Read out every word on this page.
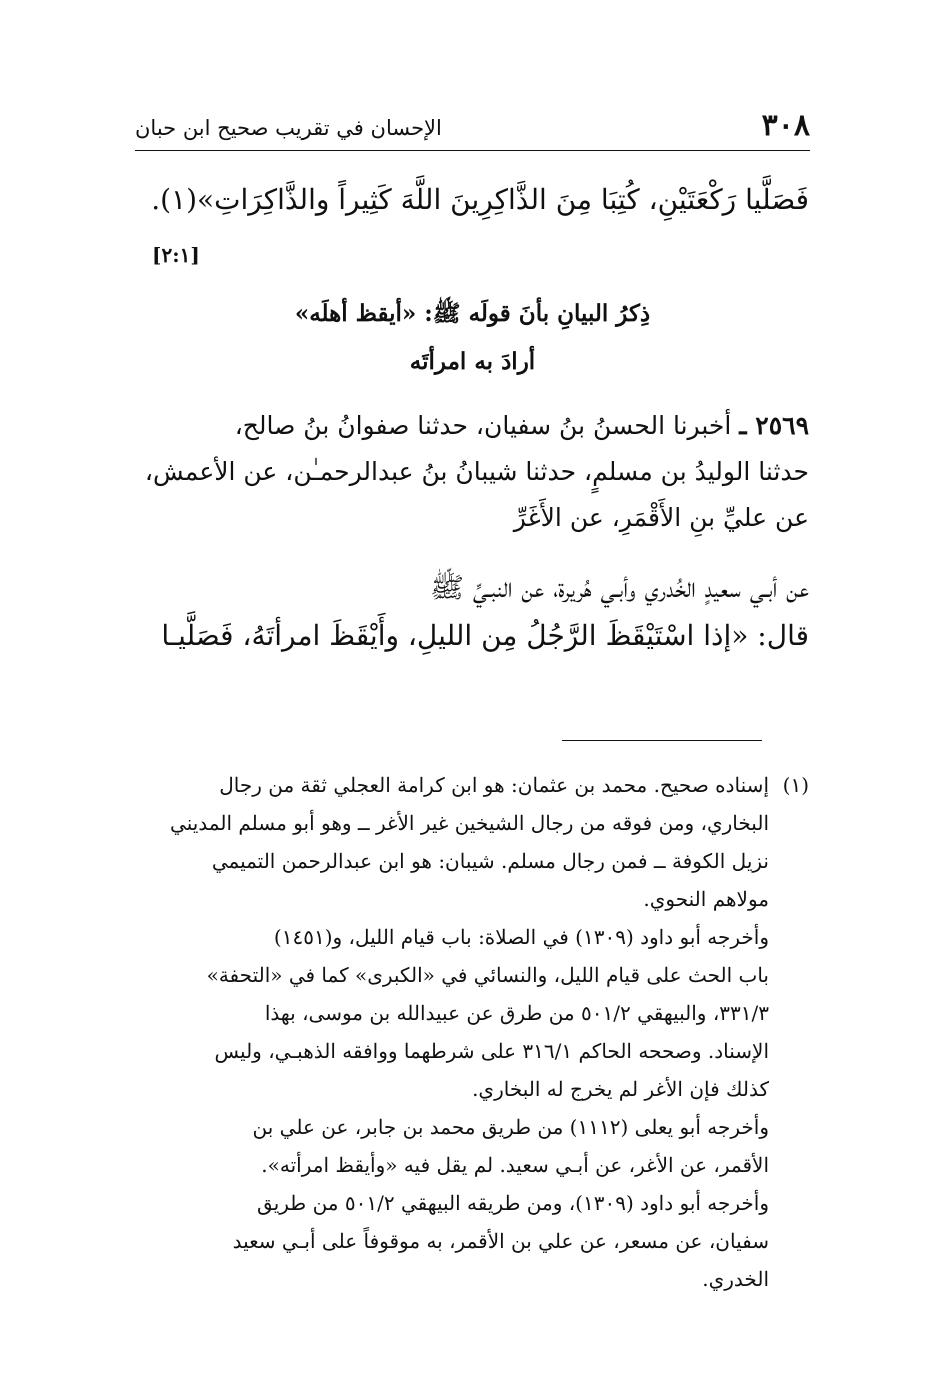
٣٠٨
الإحسان في تقريب صحيح ابن حبان
فَصَلَّيا رَكْعَتَيْنِ، كُتِبَا مِنَ الذَّاكِرِينَ اللَّهَ كَثِيراً والذَّاكِرَاتِ»(١).
[٢:١]
ذِكرُ البيانِ بأنَ قولَه ﷺ: «أيقظ أهلَه»
أرادَ به امرأتَه
٢٥٦٩ ـ أخبرنا الحسنُ بنُ سفيان، حدثنا صفوانُ بنُ صالح،
حدثنا الوليدُ بن مسلمٍ، حدثنا شيبانُ بنُ عبدالرحمـٰن، عن الأعمش،
عن عليِّ بنِ الأَقْمَرِ، عن الأَغَرِّ
عن أبـي سعيدٍ الخُدري وأبـي هُريرة، عن النبـيِّ ﷺ
قال: «إذا اسْتَيْقَظَ الرَّجُلُ مِن الليلِ، وأَيْقَظَ امرأتَهُ، فَصَلَّيـا
(١)
إسناده صحيح. محمد بن عثمان: هو ابن كرامة العجلي ثقة من رجال
البخاري، ومن فوقه من رجال الشيخين غير الأغر ــ وهو أبو مسلم المديني
نزيل الكوفة ــ فمن رجال مسلم. شيبان: هو ابن عبدالرحمن التميمي
مولاهم النحوي.
وأخرجه أبو داود (١٣٠٩) في الصلاة: باب قيام الليل، و(١٤٥١)
باب الحث على قيام الليل، والنسائي في «الكبرى» كما في «التحفة»
٣٣١/٣، والبيهقي ٥٠١/٢ من طرق عن عبيدالله بن موسى، بهذا
الإسناد. وصححه الحاكم ٣١٦/١ على شرطهما ووافقه الذهبـي، وليس
كذلك فإن الأغر لم يخرج له البخاري.
وأخرجه أبو يعلى (١١١٢) من طريق محمد بن جابر، عن علي بن
الأقمر، عن الأغر، عن أبـي سعيد. لم يقل فيه «وأيقظ امرأته».
وأخرجه أبو داود (١٣٠٩)، ومن طريقه البيهقي ٥٠١/٢ من طريق
سفيان، عن مسعر، عن علي بن الأقمر، به موقوفاً على أبـي سعيد
الخدري.
